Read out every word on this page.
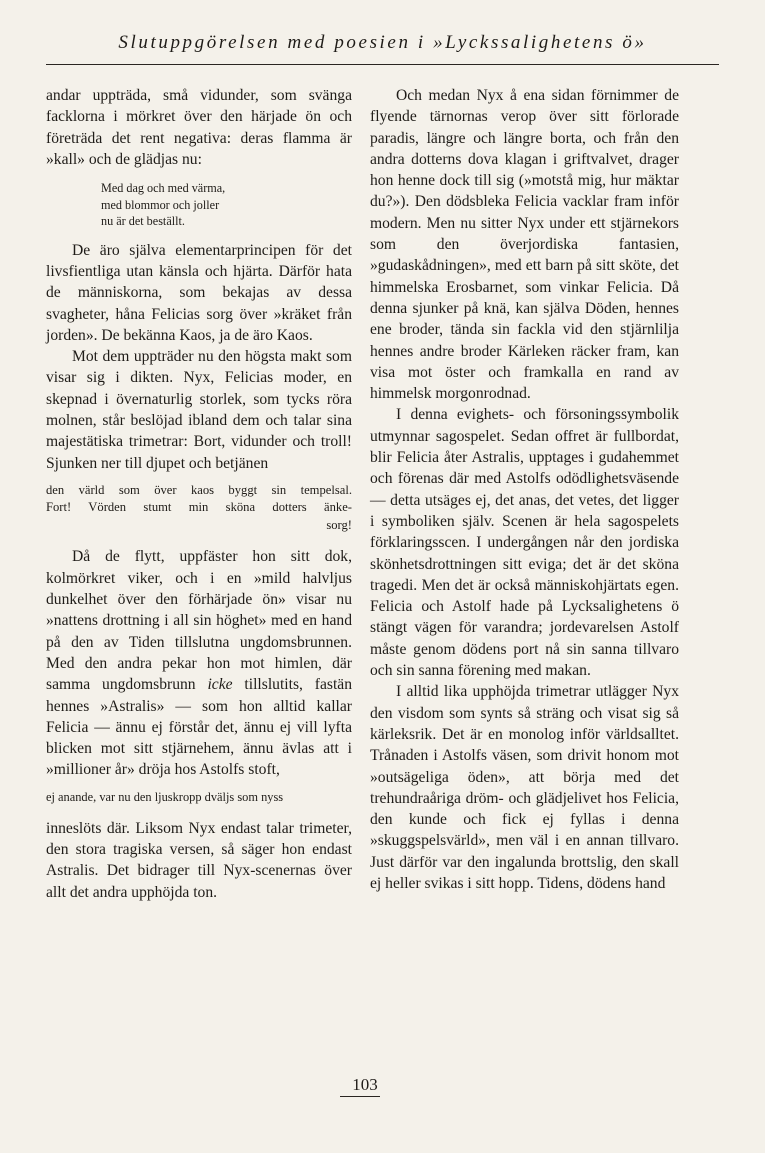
Slutuppgörelsen med poesien i »Lyckssalighetens ö»

andar uppträda, små vidunder, som svänga facklorna i mörkret över den härjade ön och företräda det rent negativa: deras flamma är »kall» och de glädjas nu:

Med dag och med värma,
med blommor och joller
nu är det beställt.

De äro själva elementarprincipen för det livsfientliga utan känsla och hjärta. Därför hata de människorna, som bekajas av dessa svagheter, håna Felicias sorg över »kräket från jorden». De bekänna Kaos, ja de äro Kaos.

Mot dem uppträder nu den högsta makt som visar sig i dikten. Nyx, Felicias moder, en skepnad i övernaturlig storlek, som tycks röra molnen, står beslöjad ibland dem och talar sina majestätiska trimetrar: Bort, vidunder och troll! Sjunken ner till djupet och betjänen

den värld som över kaos byggt sin tempelsal.
Fort! Vörden stumt min sköna dotters änke-
sorg!

Då de flytt, uppfäster hon sitt dok, kolmörkret viker, och i en »mild halvljus dunkelhet över den förhärjade ön» visar nu »nattens drottning i all sin höghet» med en hand på den av Tiden tillslutna ungdomsbrunnen. Med den andra pekar hon mot himlen, där samma ungdomsbrunn icke tillslutits, fastän hennes »Astralis» — som hon alltid kallar Felicia — ännu ej förstår det, ännu ej vill lyfta blicken mot sitt stjärnehem, ännu ävlas att i »millioner år» dröja hos Astolfs stoft,

ej anande, var nu den ljuskropp dväljs som nyss

inneslöts där. Liksom Nyx endast talar trimeter, den stora tragiska versen, så säger hon endast Astralis. Det bidrager till Nyx-scenernas över allt det andra upphöjda ton.

Och medan Nyx å ena sidan förnimmer de flyende tärnornas verop över sitt förlorade paradis, längre och längre borta, och från den andra dotterns dova klagan i griftvalvet, drager hon henne dock till sig (»motstå mig, hur mäktar du?»). Den dödsbleka Felicia vacklar fram inför modern. Men nu sitter Nyx under ett stjärnekors som den överjordiska fantasien, »gudaskådningen», med ett barn på sitt sköte, det himmelska Erosbarnet, som vinkar Felicia. Då denna sjunker på knä, kan själva Döden, hennes ene broder, tända sin fackla vid den stjärnlilja hennes andre broder Kärleken räcker fram, kan visa mot öster och framkalla en rand av himmelsk morgonrodnad.

I denna evighets- och försoningssymbolik utmynnar sagospelet. Sedan offret är fullbordat, blir Felicia åter Astralis, upptages i gudahemmet och förenas där med Astolfs odödlighetsväsende — detta utsäges ej, det anas, det vetes, det ligger i symboliken själv. Scenen är hela sagospelets förklaringsscen. I undergången når den jordiska skönhetsdrottningen sitt eviga; det är det sköna tragedi. Men det är också människohjärtats egen. Felicia och Astolf hade på Lycksalighetens ö stängt vägen för varandra; jordevarelsen Astolf måste genom dödens port nå sin sanna tillvaro och sin sanna förening med makan.

I alltid lika upphöjda trimetrar utlägger Nyx den visdom som synts så sträng och visat sig så kärleksrik. Det är en monolog inför världsalltet. Trånaden i Astolfs väsen, som drivit honom mot »outsägeliga öden», att börja med det trehundraåriga dröm- och glädjelivet hos Felicia, den kunde och fick ej fyllas i denna »skuggspelsvärld», men väl i en annan tillvaro. Just därför var den ingalunda brottslig, den skall ej heller svikas i sitt hopp. Tidens, dödens hand

103
